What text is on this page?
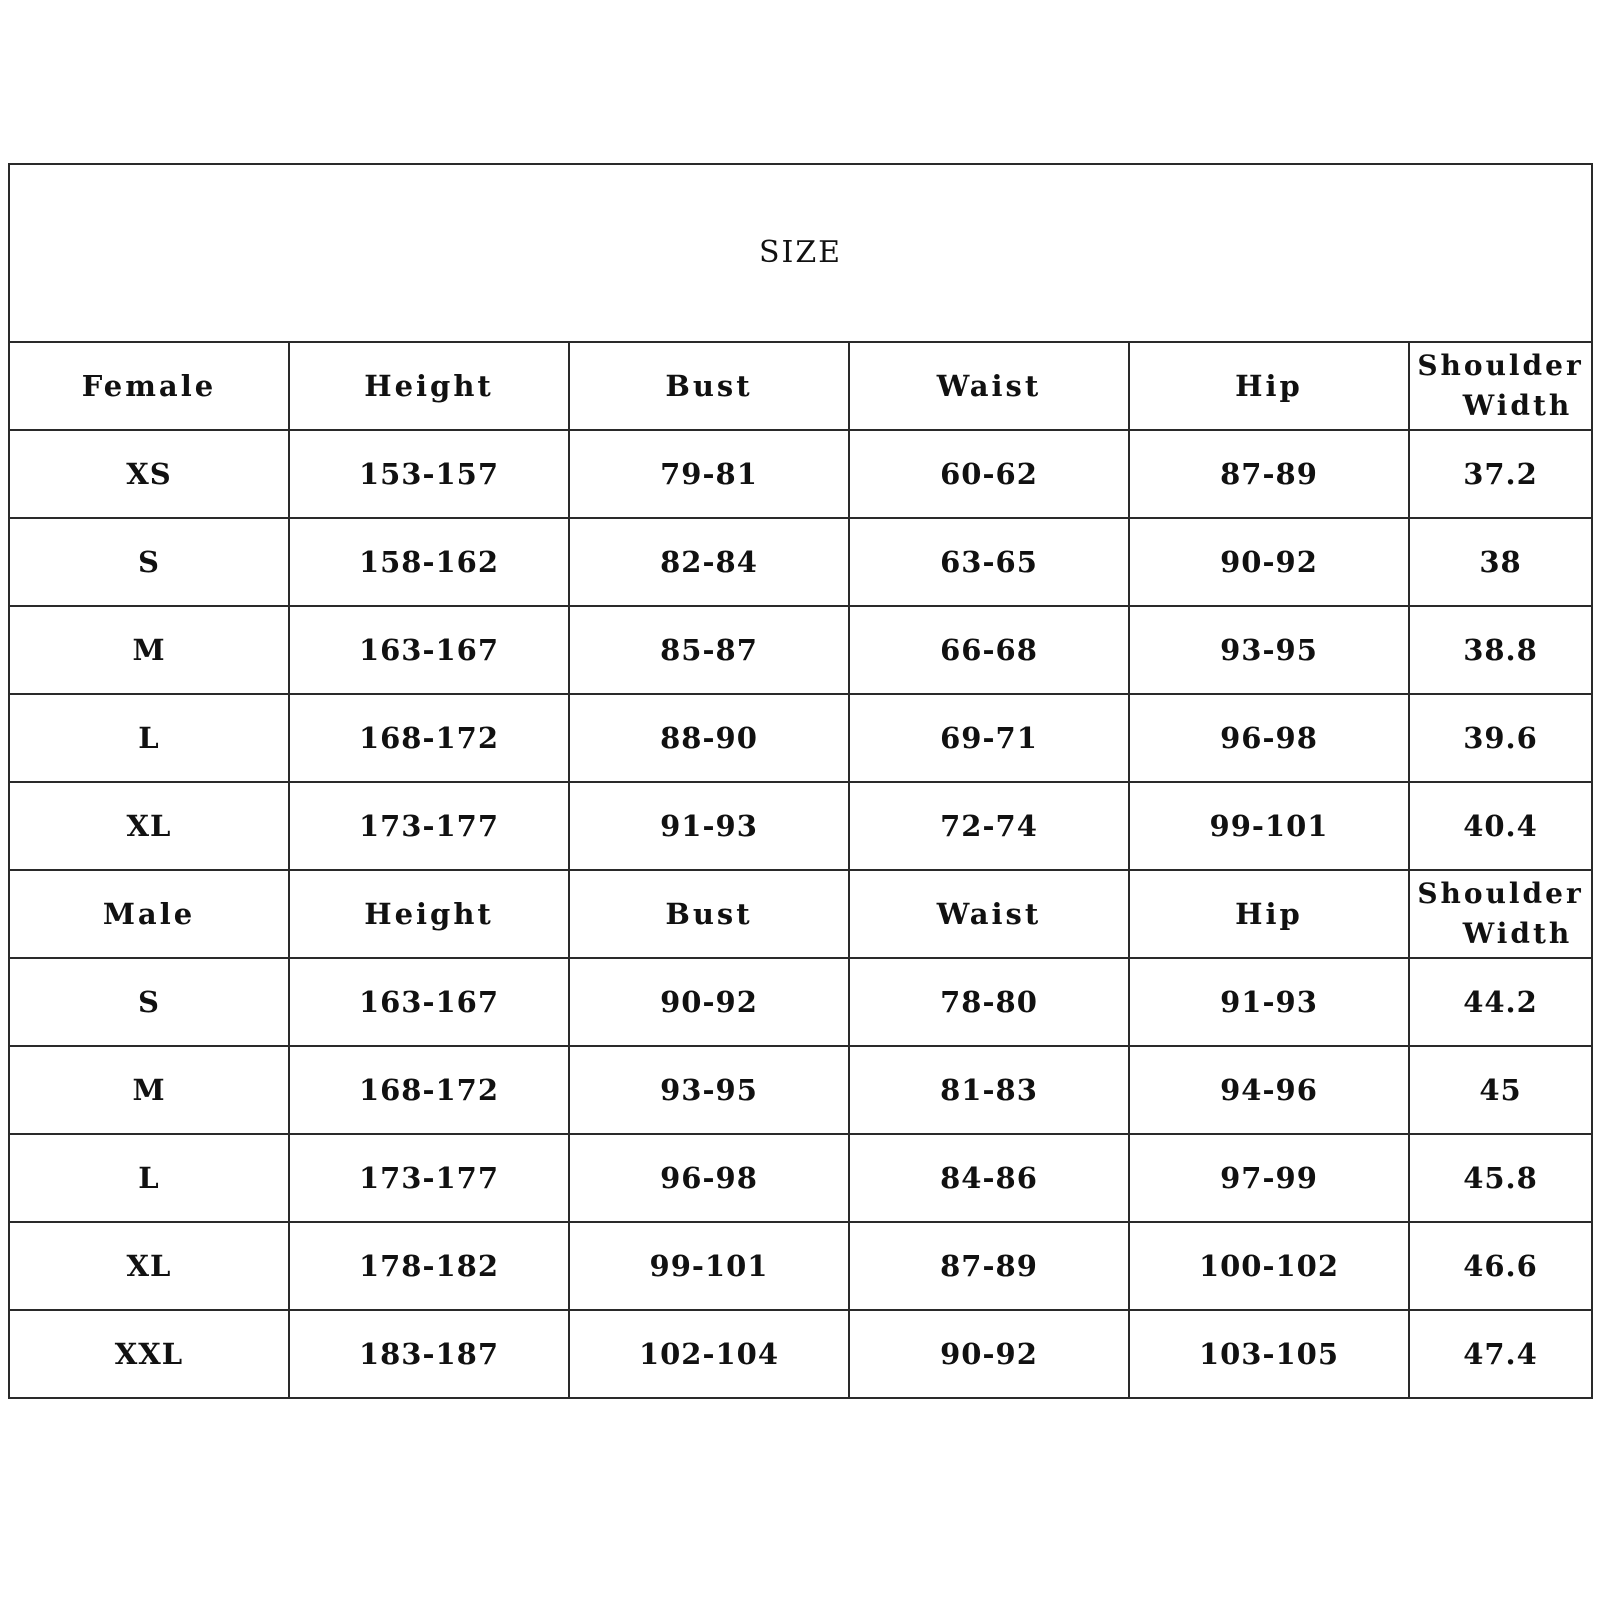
SIZE					
Female	Height	Bust	Waist	Hip	Shoulder
Width

XS	153-157	79-81	60-62	87-89	37.2
S	158-162	82-84	63-65	90-92	38
M	163-167	85-87	66-68	93-95	38.8
L	168-172	88-90	69-71	96-98	39.6
XL	173-177	91-93	72-74	99-101	40.4
Male	Height	Bust	Waist	Hip	Shoulder
Width

S	163-167	90-92	78-80	91-93	44.2
M	168-172	93-95	81-83	94-96	45
L	173-177	96-98	84-86	97-99	45.8
XL	178-182	99-101	87-89	100-102	46.6
XXL	183-187	102-104	90-92	103-105	47.4
